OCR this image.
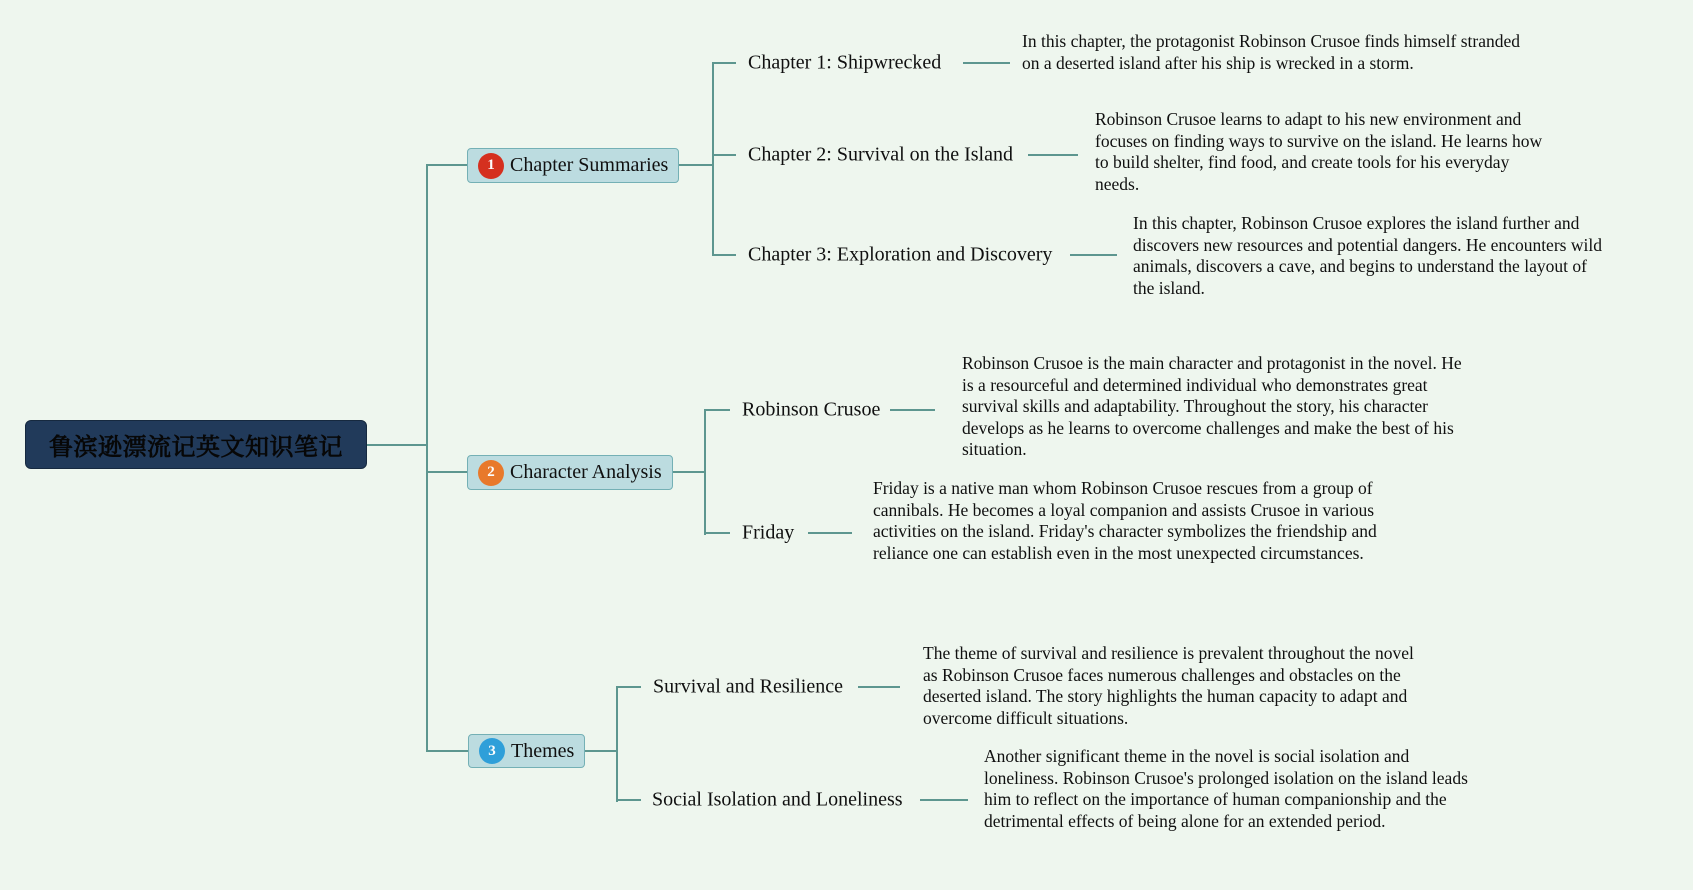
鲁滨逊漂流记英文知识笔记
1 Chapter Summaries
Chapter 1: Shipwrecked
In this chapter, the protagonist Robinson Crusoe finds himself stranded on a deserted island after his ship is wrecked in a storm.
Chapter 2: Survival on the Island
Robinson Crusoe learns to adapt to his new environment and focuses on finding ways to survive on the island. He learns how to build shelter, find food, and create tools for his everyday needs.
Chapter 3: Exploration and Discovery
In this chapter, Robinson Crusoe explores the island further and discovers new resources and potential dangers. He encounters wild animals, discovers a cave, and begins to understand the layout of the island.
2 Character Analysis
Robinson Crusoe
Robinson Crusoe is the main character and protagonist in the novel. He is a resourceful and determined individual who demonstrates great survival skills and adaptability. Throughout the story, his character develops as he learns to overcome challenges and make the best of his situation.
Friday
Friday is a native man whom Robinson Crusoe rescues from a group of cannibals. He becomes a loyal companion and assists Crusoe in various activities on the island. Friday's character symbolizes the friendship and reliance one can establish even in the most unexpected circumstances.
3 Themes
Survival and Resilience
The theme of survival and resilience is prevalent throughout the novel as Robinson Crusoe faces numerous challenges and obstacles on the deserted island. The story highlights the human capacity to adapt and overcome difficult situations.
Social Isolation and Loneliness
Another significant theme in the novel is social isolation and loneliness. Robinson Crusoe's prolonged isolation on the island leads him to reflect on the importance of human companionship and the detrimental effects of being alone for an extended period.
